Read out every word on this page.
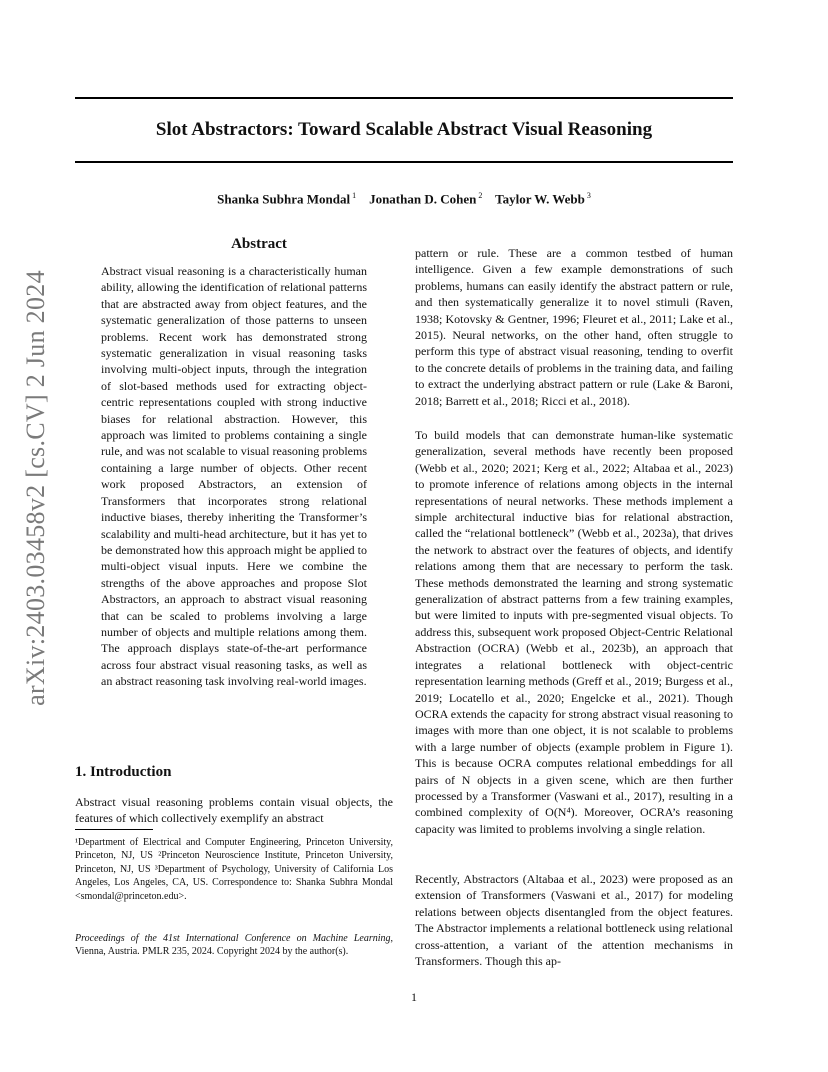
Slot Abstractors: Toward Scalable Abstract Visual Reasoning
Shanka Subhra Mondal $^1$ Jonathan D. Cohen $^2$ Taylor W. Webb $^3$
arXiv:2403.03458v2 [cs.CV] 2 Jun 2024
Abstract

Abstract visual reasoning is a characteristically human ability, allowing the identification of relational patterns that are abstracted away from object features, and the systematic generalization of those patterns to unseen problems. Recent work has demonstrated strong systematic generalization in visual reasoning tasks involving multi-object inputs, through the integration of slot-based methods used for extracting object-centric representations coupled with strong inductive biases for relational abstraction. However, this approach was limited to problems containing a single rule, and was not scalable to visual reasoning problems containing a large number of objects. Other recent work proposed Abstractors, an extension of Transformers that incorporates strong relational inductive biases, thereby inheriting the Transformer’s scalability and multi-head architecture, but it has yet to be demonstrated how this approach might be applied to multi-object visual inputs. Here we combine the strengths of the above approaches and propose Slot Abstractors, an approach to abstract visual reasoning that can be scaled to problems involving a large number of objects and multiple relations among them. The approach displays state-of-the-art performance across four abstract visual reasoning tasks, as well as an abstract reasoning task involving real-world images.

1. Introduction

Abstract visual reasoning problems contain visual objects, the features of which collectively exemplify an abstract

¹Department of Electrical and Computer Engineering, Princeton University, Princeton, NJ, US ²Princeton Neuroscience Institute, Princeton University, Princeton, NJ, US ³Department of Psychology, University of California Los Angeles, Los Angeles, CA, US. Correspondence to: Shanka Subhra Mondal <smondal@princeton.edu>.

Proceedings of the 41st International Conference on Machine Learning, Vienna, Austria. PMLR 235, 2024. Copyright 2024 by the author(s).

pattern or rule. These are a common testbed of human intelligence. Given a few example demonstrations of such problems, humans can easily identify the abstract pattern or rule, and then systematically generalize it to novel stimuli (Raven, 1938; Kotovsky & Gentner, 1996; Fleuret et al., 2011; Lake et al., 2015). Neural networks, on the other hand, often struggle to perform this type of abstract visual reasoning, tending to overfit to the concrete details of problems in the training data, and failing to extract the underlying abstract pattern or rule (Lake & Baroni, 2018; Barrett et al., 2018; Ricci et al., 2018).

To build models that can demonstrate human-like systematic generalization, several methods have recently been proposed (Webb et al., 2020; 2021; Kerg et al., 2022; Altabaa et al., 2023) to promote inference of relations among objects in the internal representations of neural networks. These methods implement a simple architectural inductive bias for relational abstraction, called the “relational bottleneck” (Webb et al., 2023a), that drives the network to abstract over the features of objects, and identify relations among them that are necessary to perform the task. These methods demonstrated the learning and strong systematic generalization of abstract patterns from a few training examples, but were limited to inputs with pre-segmented visual objects. To address this, subsequent work proposed Object-Centric Relational Abstraction (OCRA) (Webb et al., 2023b), an approach that integrates a relational bottleneck with object-centric representation learning methods (Greff et al., 2019; Burgess et al., 2019; Locatello et al., 2020; Engelcke et al., 2021). Though OCRA extends the capacity for strong abstract visual reasoning to images with more than one object, it is not scalable to problems with a large number of objects (example problem in Figure 1). This is because OCRA computes relational embeddings for all pairs of N objects in a given scene, which are then further processed by a Transformer (Vaswani et al., 2017), resulting in a combined complexity of O(N⁴). Moreover, OCRA’s reasoning capacity was limited to problems involving a single relation.

Recently, Abstractors (Altabaa et al., 2023) were proposed as an extension of Transformers (Vaswani et al., 2017) for modeling relations between objects disentangled from the object features. The Abstractor implements a relational bottleneck using relational cross-attention, a variant of the attention mechanisms in Transformers. Though this ap-

1
